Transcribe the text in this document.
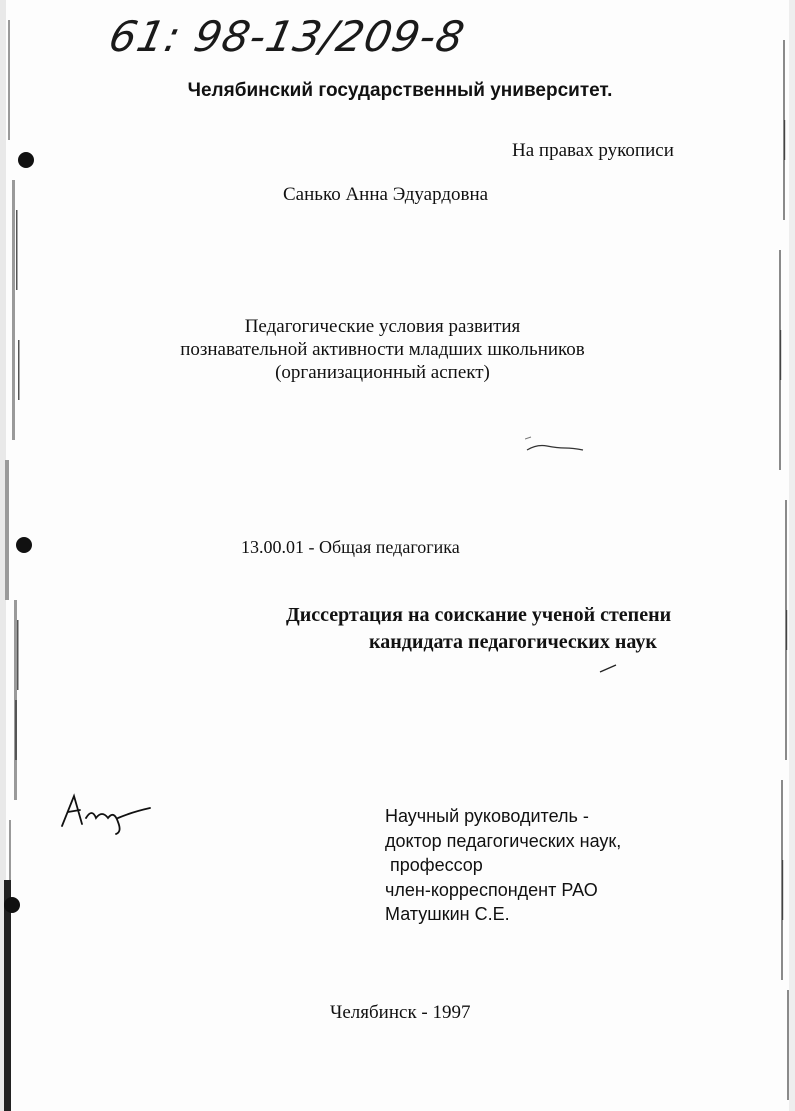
61: 98-13/209-8
Челябинский государственный университет.
На правах рукописи
Санько Анна Эдуардовна
Педагогические условия развития
познавательной активности младших школьников
(организационный аспект)
13.00.01 - Общая педагогика
Диссертация на соискание ученой степени
кандидата педагогических наук
Научный руководитель -
доктор педагогических наук,
профессор
член-корреспондент РАО
Матушкин С.Е.
Челябинск - 1997
